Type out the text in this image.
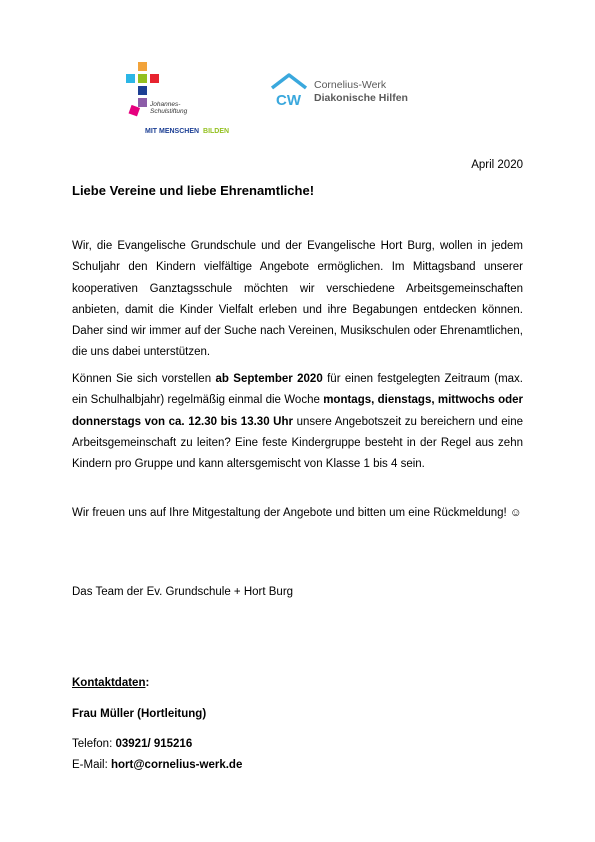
Johannes-
Schulstiftung
MIT MENSCHEN BILDEN
CW
Cornelius-Werk
Diakonische Hilfen
April 2020
Liebe Vereine und liebe Ehrenamtliche!

Wir, die Evangelische Grundschule und der Evangelische Hort Burg, wollen in jedem Schuljahr den Kindern vielfältige Angebote ermöglichen. Im Mittagsband unserer kooperativen Ganztagsschule möchten wir verschiedene Arbeitsgemeinschaften anbieten, damit die Kinder Vielfalt erleben und ihre Begabungen entdecken können. Daher sind wir immer auf der Suche nach Vereinen, Musikschulen oder Ehrenamtlichen, die uns dabei unterstützen.

Können Sie sich vorstellen ab September 2020 für einen festgelegten Zeitraum (max. ein Schulhalbjahr) regelmäßig einmal die Woche montags, dienstags, mittwochs oder donnerstags von ca. 12.30 bis 13.30 Uhr unsere Angebotszeit zu bereichern und eine Arbeitsgemeinschaft zu leiten? Eine feste Kindergruppe besteht in der Regel aus zehn Kindern pro Gruppe und kann altersgemischt von Klasse 1 bis 4 sein.

Wir freuen uns auf Ihre Mitgestaltung der Angebote und bitten um eine Rückmeldung! ☺

Das Team der Ev. Grundschule + Hort Burg
Kontaktdaten:
Frau Müller (Hortleitung)
Telefon: 03921/ 915216
E-Mail: hort@cornelius-werk.de
